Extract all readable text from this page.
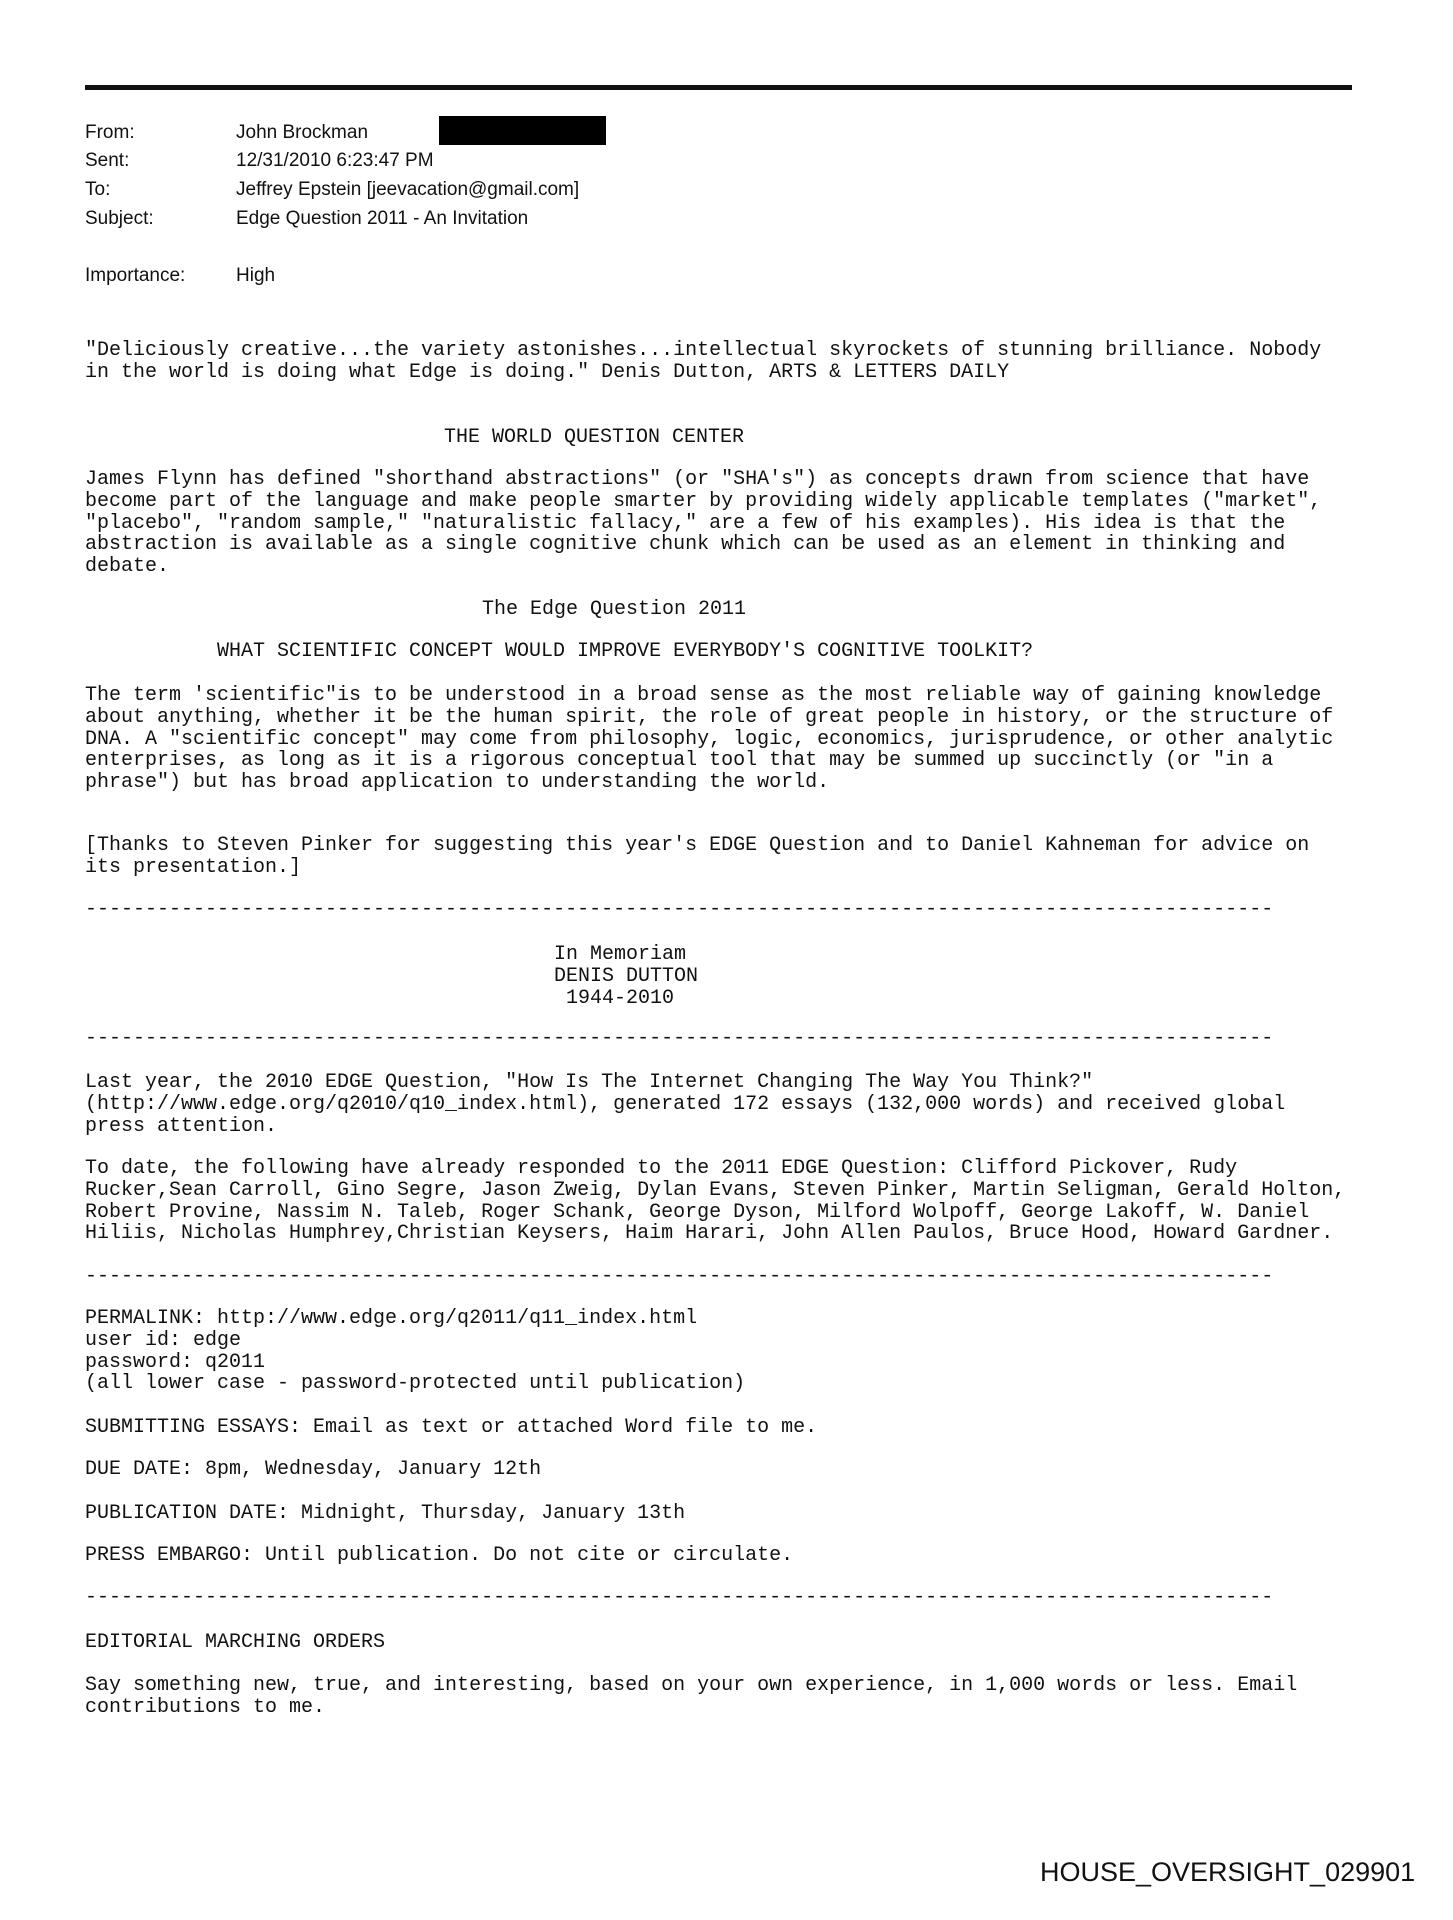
From:	John Brockman
Sent:	12/31/2010 6:23:47 PM
To:	Jeffrey Epstein [jeevacation@gmail.com]
Subject:	Edge Question 2011 - An Invitation
Importance:	High
"Deliciously creative...the variety astonishes...intellectual skyrockets of stunning brilliance. Nobody
in the world is doing what Edge is doing." Denis Dutton, ARTS & LETTERS DAILY
THE WORLD QUESTION CENTER
James Flynn has defined "shorthand abstractions" (or "SHA's") as concepts drawn from science that have
become part of the language and make people smarter by providing widely applicable templates ("market",
"placebo", "random sample," "naturalistic fallacy," are a few of his examples). His idea is that the
abstraction is available as a single cognitive chunk which can be used as an element in thinking and
debate.
The Edge Question 2011
WHAT SCIENTIFIC CONCEPT WOULD IMPROVE EVERYBODY'S COGNITIVE TOOLKIT?
The term 'scientific"is to be understood in a broad sense as the most reliable way of gaining knowledge
about anything, whether it be the human spirit, the role of great people in history, or the structure of
DNA. A "scientific concept" may come from philosophy, logic, economics, jurisprudence, or other analytic
enterprises, as long as it is a rigorous conceptual tool that may be summed up succinctly (or "in a
phrase") but has broad application to understanding the world.
[Thanks to Steven Pinker for suggesting this year's EDGE Question and to Daniel Kahneman for advice on
its presentation.]
---------------------------------------------------------------------------------------------------
In Memoriam
DENIS DUTTON
1944-2010
---------------------------------------------------------------------------------------------------
Last year, the 2010 EDGE Question, "How Is The Internet Changing The Way You Think?"
(http://www.edge.org/q2010/q10_index.html), generated 172 essays (132,000 words) and received global
press attention.
To date, the following have already responded to the 2011 EDGE Question: Clifford Pickover, Rudy
Rucker,Sean Carroll, Gino Segre, Jason Zweig, Dylan Evans, Steven Pinker, Martin Seligman, Gerald Holton,
Robert Provine, Nassim N. Taleb, Roger Schank, George Dyson, Milford Wolpoff, George Lakoff, W. Daniel
Hiliis, Nicholas Humphrey,Christian Keysers, Haim Harari, John Allen Paulos, Bruce Hood, Howard Gardner.
---------------------------------------------------------------------------------------------------
PERMALINK: http://www.edge.org/q2011/q11_index.html
user id: edge
password: q2011
(all lower case - password-protected until publication)
SUBMITTING ESSAYS: Email as text or attached Word file to me.
DUE DATE: 8pm, Wednesday, January 12th
PUBLICATION DATE: Midnight, Thursday, January 13th
PRESS EMBARGO: Until publication. Do not cite or circulate.
---------------------------------------------------------------------------------------------------
EDITORIAL MARCHING ORDERS
Say something new, true, and interesting, based on your own experience, in 1,000 words or less. Email
contributions to me.
HOUSE_OVERSIGHT_029901
